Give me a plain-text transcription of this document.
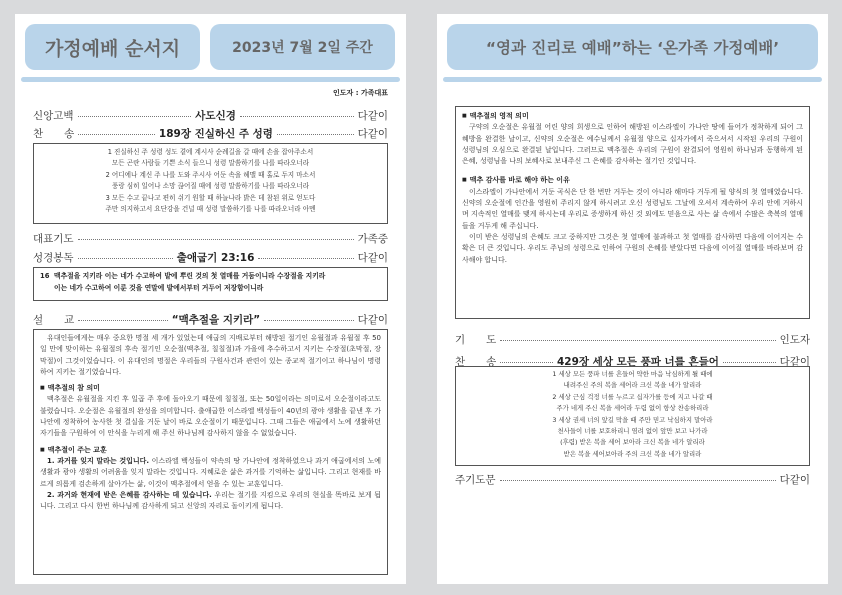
가정예배 순서지	2023년 7월 2일 주간
인도자 : 가족대표
신앙고백	사도신경	다같이
찬　　송	189장 진실하신 주 성령	다같이
1 진실하신 주 성령 성도 곁에 계시사 순례길을 갈 때에 손을 잡아주소서
모든 곤란 사람들 기쁜 소식 들으니 성령 말씀하기를 나를 따라오너라
2 어디에나 계신 주 나를 도와 주시사 어둔 속을 헤맬 때 홀로 두지 마소서
풍랑 심히 일어나 소망 끊어질 때에 성령 말씀하기를 나를 따라오너라
3 모든 수고 끝나고 편히 쉬기 원할 때 하늘나라 밝은 데 참된 위로 얻도다
주만 의지하고서 요단강을 건널 때 성령 말씀하기를 나를 따라오너라 아멘
대표기도	가족중
성경봉독	출애굽기 23:16	다같이
16 맥추절을 지키라 이는 네가 수고하여 밭에 뿌린 것의 첫 열매를 거둠이니라 수장절을 지키라
이는 네가 수고하여 이룬 것을 연말에 밭에서부터 거두어 저장함이니라
설　　교	“맥추절을 지키라”	다같이

유대인들에게는 매우 중요한 명절 세 개가 있었는데 애굽의 지배로부터 해방된 절기인 유월절과 유월절 후 50일 만에 맞이하는 유월절의 후속 절기인 오순절(맥추절, 칠칠절)과 가을에 추수하고서 지키는 수장절(초막절, 장막절)이 그것이었습니다. 이 유대인의 명절은 우리들의 구원사건과 관련이 있는 종교적 절기이고 하나님이 명령하여 지키는 절기였습니다.

■ 맥추절의 참 의미

맥추절은 유월절을 지킨 후 일곱 주 후에 돌아오기 때문에 칠칠절, 또는 50일이라는 의미로서 오순절이라고도 불렸습니다. 오순절은 유월절의 완성을 의미합니다. 출애굽한 이스라엘 백성들이 40년의 광야 생활을 끝낸 후 가나안에 정착하여 농사한 첫 결실을 거둔 날이 바로 오순절이기 때문입니다. 그때 그들은 애굽에서 노예 생활하던 자기들을 구원하여 이 안식을 누리게 해 주신 하나님께 감사하지 않을 수 없었습니다.

■ 맥추절이 주는 교훈

1. 과거를 잊지 말라는 것입니다. 이스라엘 백성들이 약속의 땅 가나안에 정착하였으나 과거 애굽에서의 노예 생활과 광야 생활의 어려움을 잊지 말라는 것입니다. 지혜로운 삶은 과거를 기억하는 삶입니다. 그리고 현재를 바르게 의롭게 검손하게 살아가는 삶, 이것이 맥추절에서 얻을 수 있는 교훈입니다.

2. 과거와 현재에 받은 은혜를 감사하는 데 있습니다. 우리는 절기를 지킴으로 우리의 현실을 똑바로 보게 됩니다. 그리고 다시 한번 하나님께 감사하게 되고 신앙의 자리로 돌이키게 됩니다.

“영과 진리로 예배”하는 ‘온가족 가정예배’
■ 맥추절의 영적 의미

구약의 오순절은 유월절 어린 양의 희생으로 인하여 해방된 이스라엘이 가나안 땅에 들어가 정착하게 되어 그 혜방을 완결한 날이고, 신약의 오순절은 예수님께서 유월절 양으로 십자가에서 죽으셔서 시작된 우리의 구원이 성령님의 오심으로 완결된 날입니다. 그러므로 맥추절은 우리의 구원이 완결되어 영원히 하나님과 동행하게 된 은혜, 성령님을 나의 보혜사로 보내주신 그 은혜를 감사하는 절기인 것입니다.

■ 맥추 감사를 바로 해야 하는 이유

이스라엘이 가나안에서 거둔 곡식은 단 한 번만 거두는 것이 아니라 해마다 거두게 될 양식의 첫 열매였습니다. 신약의 오순절에 인간을 영원히 주리지 않게 하시려고 오신 성령님도 그날에 오셔서 계속하여 우리 안에 거하시며 지속적인 열매를 맺게 하시는데 우리로 증생하게 하신 것 외에도 믿음으로 사는 삶 속에서 수많은 축복의 열매들을 거두게 해 주십니다.

이미 받은 성령님의 은혜도 크고 중하지만 그것은 첫 열매에 불과하고 첫 열매를 감사하면 다음에 이어지는 수확은 더 큰 것입니다. 우리도 주님의 성령으로 인하여 구원의 은혜를 받았다면 다음에 이어질 열매를 바라보며 감사해야 합니다.

기　　도	인도자
찬　　송	429장 세상 모든 풍파 너를 흔들어	다같이
1 세상 모든 풍파 너를 흔들어 약한 마음 낙심하게 될 때에
내려주신 주의 복을 세어라 크신 복을 네가 알리라
2 세상 근심 걱정 너를 누르고 십자가를 등에 지고 나갈 때
주가 네게 주신 복을 세어라 두렴 없이 항상 찬송하리라
3 세상 권세 너의 앞길 막을 때 주만 믿고 낙심하지 말아라
천사들이 너를 보호하리니 염려 없이 앞만 보고 나가라
(후렴) 받은 복을 세어 보아라 크신 복을 네가 알리라
받은 복을 세어보아라 주의 크신 복을 네가 알리라
주기도문	다같이
